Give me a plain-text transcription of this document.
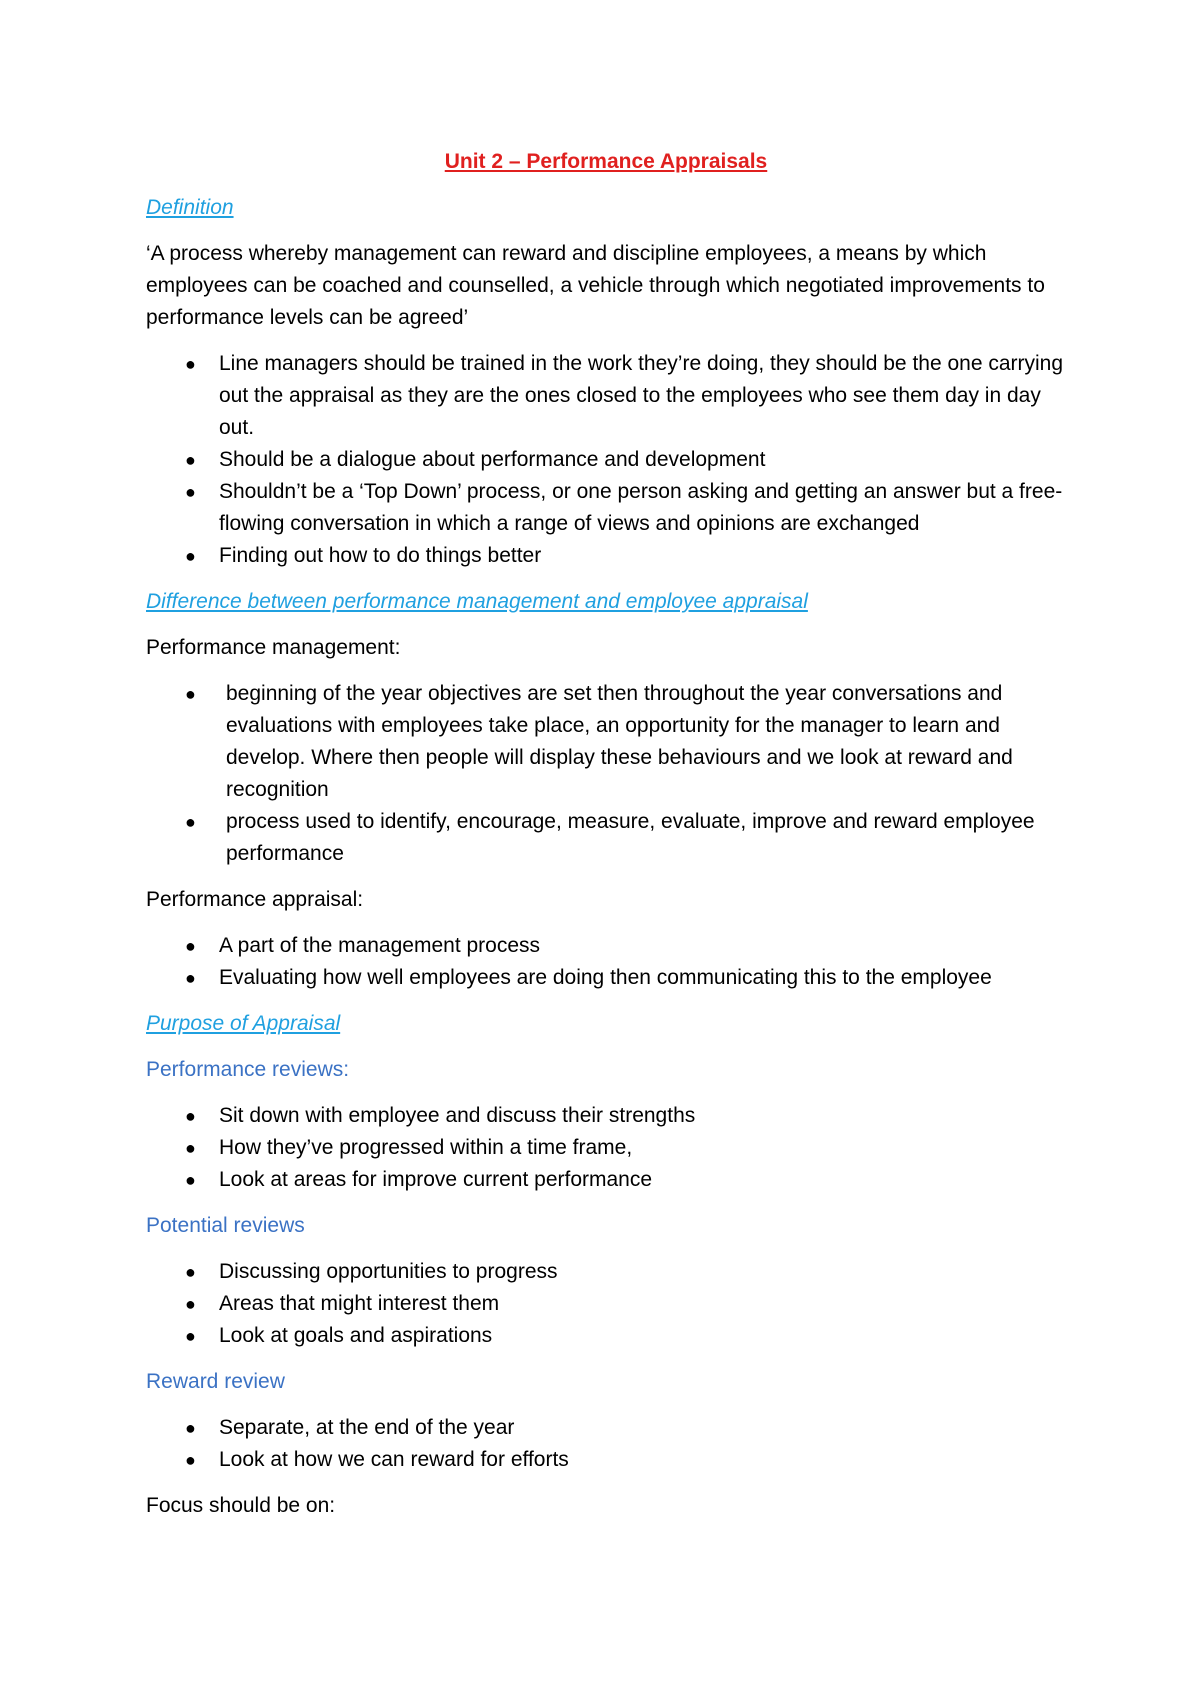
Unit 2 – Performance Appraisals
Definition
‘A process whereby management can reward and discipline employees, a means by which employees can be coached and counselled, a vehicle through which negotiated improvements to performance levels can be agreed’
● Line managers should be trained in the work they’re doing, they should be the one carrying out the appraisal as they are the ones closed to the employees who see them day in day out.
● Should be a dialogue about performance and development
● Shouldn’t be a ‘Top Down’ process, or one person asking and getting an answer but a free-flowing conversation in which a range of views and opinions are exchanged
● Finding out how to do things better
Difference between performance management and employee appraisal
Performance management:
● beginning of the year objectives are set then throughout the year conversations and evaluations with employees take place, an opportunity for the manager to learn and develop. Where then people will display these behaviours and we look at reward and recognition
● process used to identify, encourage, measure, evaluate, improve and reward employee performance
Performance appraisal:
● A part of the management process
● Evaluating how well employees are doing then communicating this to the employee
Purpose of Appraisal
Performance reviews:
● Sit down with employee and discuss their strengths
● How they’ve progressed within a time frame,
● Look at areas for improve current performance
Potential reviews
● Discussing opportunities to progress
● Areas that might interest them
● Look at goals and aspirations
Reward review
● Separate, at the end of the year
● Look at how we can reward for efforts
Focus should be on:
